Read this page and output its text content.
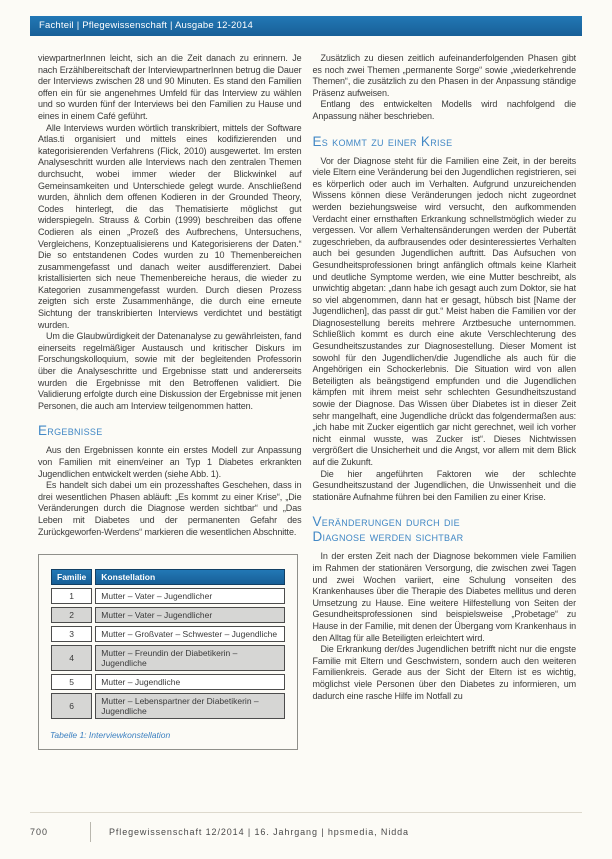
Fachteil | Pflegewissenschaft | Ausgabe 12-2014

viewpartnerInnen leicht, sich an die Zeit danach zu erinnern. Je nach Erzählbereitschaft der InterviewpartnerInnen betrug die Dauer der Interviews zwischen 28 und 90 Minuten. Es stand den Familien offen ein für sie angenehmes Umfeld für das Interview zu wählen und so wurden fünf der Interviews bei den Familien zu Hause und eines in einem Café geführt.

Alle Interviews wurden wörtlich transkribiert, mittels der Software Atlas.ti organisiert und mittels eines kodifizierenden und kategorisierenden Verfahrens (Flick, 2010) ausgewertet. Im ersten Analyseschritt wurden alle Interviews nach den zentralen Themen durchsucht, wobei immer wieder der Blickwinkel auf Gemeinsamkeiten und Unterschiede gelegt wurde. Anschließend wurden, ähnlich dem offenen Kodieren in der Grounded Theory, Codes hinterlegt, die das Thematisierte möglichst gut widerspiegeln. Strauss & Corbin (1999) beschreiben das offene Codieren als einen „Prozeß des Aufbrechens, Untersuchens, Vergleichens, Konzeptualisierens und Kategorisierens der Daten.“ Die so entstandenen Codes wurden zu 10 Themenbereichen zusammengefasst und danach weiter ausdifferenziert. Dabei kristallisierten sich neue Themenbereiche heraus, die wieder zu Kategorien zusammengefasst wurden. Durch diesen Prozess zeigten sich erste Zusammenhänge, die durch eine erneute Sichtung der transkribierten Interviews verdichtet und bestätigt wurden.

Um die Glaubwürdigkeit der Datenanalyse zu gewährleisten, fand einerseits regelmäßiger Austausch und kritischer Diskurs im Forschungskolloquium, sowie mit der begleitenden Professorin über die Analyseschritte und Ergebnisse statt und andererseits wurden die Ergebnisse mit den Betroffenen validiert. Die Validierung erfolgte durch eine Diskussion der Ergebnisse mit jenen Personen, die auch am Interview teilgenommen hatten.

Ergebnisse

Aus den Ergebnissen konnte ein erstes Modell zur Anpassung von Familien mit einem/einer an Typ 1 Diabetes erkrankten Jugendlichen entwickelt werden (siehe Abb. 1).

Es handelt sich dabei um ein prozesshaftes Geschehen, dass in drei wesentlichen Phasen abläuft: „Es kommt zu einer Krise“, „Die Veränderungen durch die Diagnose werden sichtbar“ und „Das Leben mit Diabetes und der permanenten Gefahr des Zurückgeworfen-Werdens“ markieren die wesentlichen Abschnitte.

Familie	Konstellation
1	Mutter – Vater – Jugendlicher
2	Mutter – Vater – Jugendlicher
3	Mutter – Großvater – Schwester – Jugendliche
4	Mutter – Freundin der Diabetikerin – Jugendliche
5	Mutter – Jugendliche
6	Mutter – Lebenspartner der Diabetikerin – Jugendliche
Tabelle 1: Interviewkonstellation

Zusätzlich zu diesen zeitlich aufeinanderfolgenden Phasen gibt es noch zwei Themen „permanente Sorge“ sowie „wiederkehrende Themen“, die zusätzlich zu den Phasen in der Anpassung ständige Präsenz aufweisen.

Entlang des entwickelten Modells wird nachfolgend die Anpassung näher beschrieben.

Es kommt zu einer Krise

Vor der Diagnose steht für die Familien eine Zeit, in der bereits viele Eltern eine Veränderung bei den Jugendlichen registrieren, sei es körperlich oder auch im Verhalten. Aufgrund unzureichenden Wissens können diese Veränderungen jedoch nicht zugeordnet werden beziehungsweise wird versucht, den aufkommenden Verdacht einer ernsthaften Erkrankung schnellstmöglich wieder zu vergessen. Vor allem Verhaltensänderungen werden der Pubertät zugeschrieben, da aufbrausendes oder desinteressiertes Verhalten auch bei gesunden Jugendlichen auftritt. Das Aufsuchen von Gesundheitsprofessionen bringt anfänglich oftmals keine Klarheit und deutliche Symptome werden, wie eine Mutter beschreibt, als unwichtig abgetan: „dann habe ich gesagt auch zum Doktor, sie hat so viel abgenommen, dann hat er gesagt, hübsch bist [Name der Jugendlichen], das passt dir gut.“ Meist haben die Familien vor der Diagnosestellung bereits mehrere Arztbesuche unternommen. Schließlich kommt es durch eine akute Verschlechterung des Gesundheitszustandes zur Diagnosestellung. Dieser Moment ist sowohl für den Jugendlichen/die Jugendliche als auch für die Angehörigen ein Schockerlebnis. Die Situation wird von allen Beteiligten als beängstigend empfunden und die Jugendlichen kämpfen mit ihrem meist sehr schlechten Gesundheitszustand sowie der Diagnose. Das Wissen über Diabetes ist in dieser Zeit sehr mangelhaft, eine Jugendliche drückt das folgendermaßen aus: „ich habe mit Zucker eigentlich gar nicht gerechnet, weil ich vorher nicht einmal wusste, was Zucker ist“. Dieses Nichtwissen vergrößert die Unsicherheit und die Angst, vor allem mit dem Blick auf die Zukunft.

Die hier angeführten Faktoren wie der schlechte Gesundheitszustand der Jugendlichen, die Unwissenheit und die stationäre Aufnahme führen bei den Familien zu einer Krise.

Veränderungen durch die Diagnose werden sichtbar

In der ersten Zeit nach der Diagnose bekommen viele Familien im Rahmen der stationären Versorgung, die zwischen zwei Tagen und zwei Wochen variiert, eine Schulung vonseiten des Krankenhauses über die Therapie des Diabetes mellitus und deren Umsetzung zu Hause. Eine weitere Hilfestellung von Seiten der Gesundheitsprofessionen sind beispielsweise „Probetage“ zu Hause in der Familie, mit denen der Übergang vom Krankenhaus in den Alltag für alle Beteiligten erleichtert wird.

Die Erkrankung der/des Jugendlichen betrifft nicht nur die engste Familie mit Eltern und Geschwistern, sondern auch den weiteren Familienkreis. Gerade aus der Sicht der Eltern ist es wichtig, möglichst viele Personen über den Diabetes zu informieren, um dadurch eine rasche Hilfe im Notfall zu

700	Pflegewissenschaft 12/2014 | 16. Jahrgang | hpsmedia, Nidda
